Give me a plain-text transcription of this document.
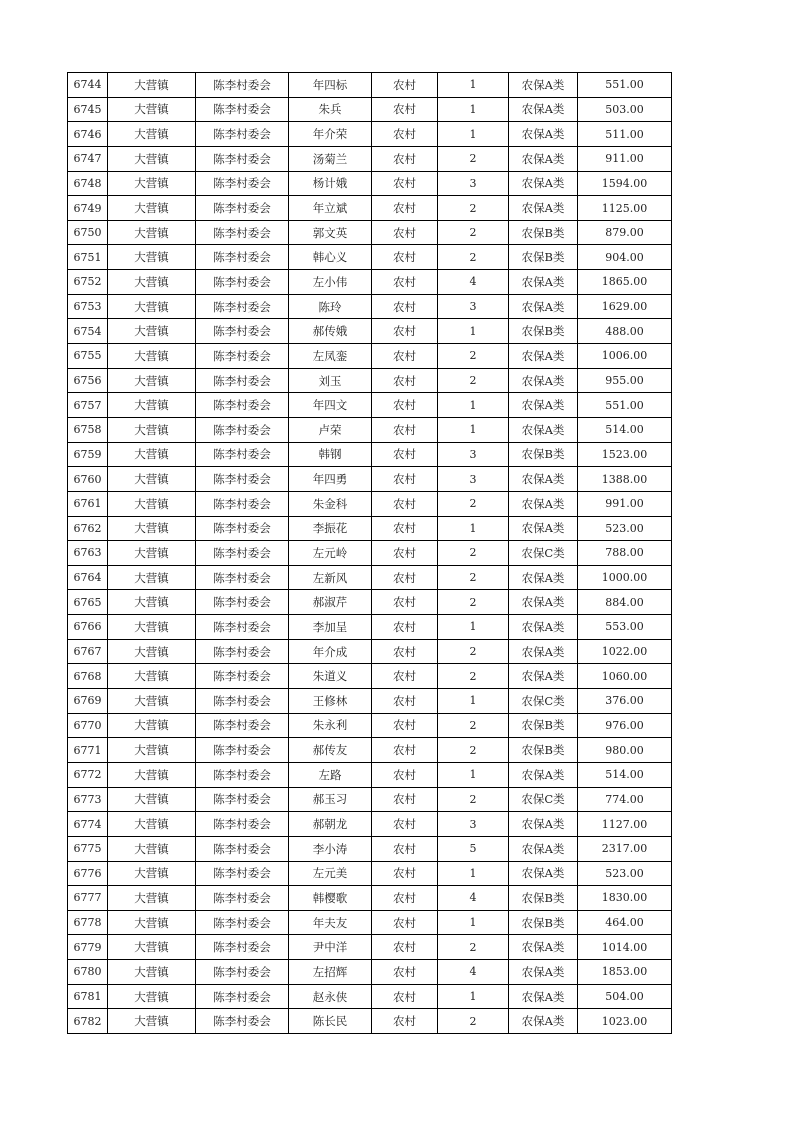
6744	大营镇	陈李村委会	年四标	农村	1	农保A类	551.00
6745	大营镇	陈李村委会	朱兵	农村	1	农保A类	503.00
6746	大营镇	陈李村委会	年介荣	农村	1	农保A类	511.00
6747	大营镇	陈李村委会	汤菊兰	农村	2	农保A类	911.00
6748	大营镇	陈李村委会	杨计娥	农村	3	农保A类	1594.00
6749	大营镇	陈李村委会	年立斌	农村	2	农保A类	1125.00
6750	大营镇	陈李村委会	郭文英	农村	2	农保B类	879.00
6751	大营镇	陈李村委会	韩心义	农村	2	农保B类	904.00
6752	大营镇	陈李村委会	左小伟	农村	4	农保A类	1865.00
6753	大营镇	陈李村委会	陈玲	农村	3	农保A类	1629.00
6754	大营镇	陈李村委会	郝传娥	农村	1	农保B类	488.00
6755	大营镇	陈李村委会	左凤銮	农村	2	农保A类	1006.00
6756	大营镇	陈李村委会	刘玉	农村	2	农保A类	955.00
6757	大营镇	陈李村委会	年四文	农村	1	农保A类	551.00
6758	大营镇	陈李村委会	卢荣	农村	1	农保A类	514.00
6759	大营镇	陈李村委会	韩钢	农村	3	农保B类	1523.00
6760	大营镇	陈李村委会	年四勇	农村	3	农保A类	1388.00
6761	大营镇	陈李村委会	朱金科	农村	2	农保A类	991.00
6762	大营镇	陈李村委会	李振花	农村	1	农保A类	523.00
6763	大营镇	陈李村委会	左元岭	农村	2	农保C类	788.00
6764	大营镇	陈李村委会	左新风	农村	2	农保A类	1000.00
6765	大营镇	陈李村委会	郝淑芹	农村	2	农保A类	884.00
6766	大营镇	陈李村委会	李加呈	农村	1	农保A类	553.00
6767	大营镇	陈李村委会	年介成	农村	2	农保A类	1022.00
6768	大营镇	陈李村委会	朱道义	农村	2	农保A类	1060.00
6769	大营镇	陈李村委会	王修林	农村	1	农保C类	376.00
6770	大营镇	陈李村委会	朱永利	农村	2	农保B类	976.00
6771	大营镇	陈李村委会	郝传友	农村	2	农保B类	980.00
6772	大营镇	陈李村委会	左路	农村	1	农保A类	514.00
6773	大营镇	陈李村委会	郝玉习	农村	2	农保C类	774.00
6774	大营镇	陈李村委会	郝朝龙	农村	3	农保A类	1127.00
6775	大营镇	陈李村委会	李小涛	农村	5	农保A类	2317.00
6776	大营镇	陈李村委会	左元美	农村	1	农保A类	523.00
6777	大营镇	陈李村委会	韩樱歌	农村	4	农保B类	1830.00
6778	大营镇	陈李村委会	年夫友	农村	1	农保B类	464.00
6779	大营镇	陈李村委会	尹中洋	农村	2	农保A类	1014.00
6780	大营镇	陈李村委会	左招辉	农村	4	农保A类	1853.00
6781	大营镇	陈李村委会	赵永侠	农村	1	农保A类	504.00
6782	大营镇	陈李村委会	陈长民	农村	2	农保A类	1023.00
